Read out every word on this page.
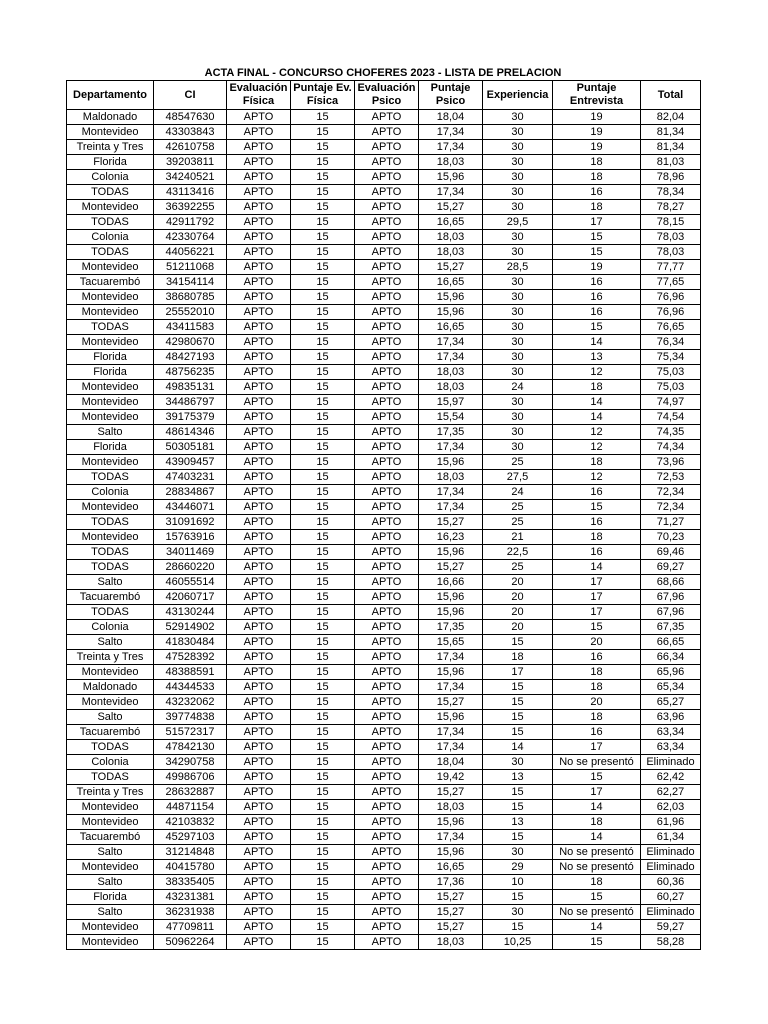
ACTA FINAL - CONCURSO CHOFERES 2023 - LISTA DE PRELACION
Departamento	CI	Evaluación Física	Puntaje Ev. Física	Evaluación Psico	Puntaje Psico	Experiencia	Puntaje Entrevista	Total
Maldonado	48547630	APTO	15	APTO	18,04	30	19	82,04
Montevideo	43303843	APTO	15	APTO	17,34	30	19	81,34
Treinta y Tres	42610758	APTO	15	APTO	17,34	30	19	81,34
Florida	39203811	APTO	15	APTO	18,03	30	18	81,03
Colonia	34240521	APTO	15	APTO	15,96	30	18	78,96
TODAS	43113416	APTO	15	APTO	17,34	30	16	78,34
Montevideo	36392255	APTO	15	APTO	15,27	30	18	78,27
TODAS	42911792	APTO	15	APTO	16,65	29,5	17	78,15
Colonia	42330764	APTO	15	APTO	18,03	30	15	78,03
TODAS	44056221	APTO	15	APTO	18,03	30	15	78,03
Montevideo	51211068	APTO	15	APTO	15,27	28,5	19	77,77
Tacuarembó	34154114	APTO	15	APTO	16,65	30	16	77,65
Montevideo	38680785	APTO	15	APTO	15,96	30	16	76,96
Montevideo	25552010	APTO	15	APTO	15,96	30	16	76,96
TODAS	43411583	APTO	15	APTO	16,65	30	15	76,65
Montevideo	42980670	APTO	15	APTO	17,34	30	14	76,34
Florida	48427193	APTO	15	APTO	17,34	30	13	75,34
Florida	48756235	APTO	15	APTO	18,03	30	12	75,03
Montevideo	49835131	APTO	15	APTO	18,03	24	18	75,03
Montevideo	34486797	APTO	15	APTO	15,97	30	14	74,97
Montevideo	39175379	APTO	15	APTO	15,54	30	14	74,54
Salto	48614346	APTO	15	APTO	17,35	30	12	74,35
Florida	50305181	APTO	15	APTO	17,34	30	12	74,34
Montevideo	43909457	APTO	15	APTO	15,96	25	18	73,96
TODAS	47403231	APTO	15	APTO	18,03	27,5	12	72,53
Colonia	28834867	APTO	15	APTO	17,34	24	16	72,34
Montevideo	43446071	APTO	15	APTO	17,34	25	15	72,34
TODAS	31091692	APTO	15	APTO	15,27	25	16	71,27
Montevideo	15763916	APTO	15	APTO	16,23	21	18	70,23
TODAS	34011469	APTO	15	APTO	15,96	22,5	16	69,46
TODAS	28660220	APTO	15	APTO	15,27	25	14	69,27
Salto	46055514	APTO	15	APTO	16,66	20	17	68,66
Tacuarembó	42060717	APTO	15	APTO	15,96	20	17	67,96
TODAS	43130244	APTO	15	APTO	15,96	20	17	67,96
Colonia	52914902	APTO	15	APTO	17,35	20	15	67,35
Salto	41830484	APTO	15	APTO	15,65	15	20	66,65
Treinta y Tres	47528392	APTO	15	APTO	17,34	18	16	66,34
Montevideo	48388591	APTO	15	APTO	15,96	17	18	65,96
Maldonado	44344533	APTO	15	APTO	17,34	15	18	65,34
Montevideo	43232062	APTO	15	APTO	15,27	15	20	65,27
Salto	39774838	APTO	15	APTO	15,96	15	18	63,96
Tacuarembó	51572317	APTO	15	APTO	17,34	15	16	63,34
TODAS	47842130	APTO	15	APTO	17,34	14	17	63,34
Colonia	34290758	APTO	15	APTO	18,04	30	No se presentó	Eliminado
TODAS	49986706	APTO	15	APTO	19,42	13	15	62,42
Treinta y Tres	28632887	APTO	15	APTO	15,27	15	17	62,27
Montevideo	44871154	APTO	15	APTO	18,03	15	14	62,03
Montevideo	42103832	APTO	15	APTO	15,96	13	18	61,96
Tacuarembó	45297103	APTO	15	APTO	17,34	15	14	61,34
Salto	31214848	APTO	15	APTO	15,96	30	No se presentó	Eliminado
Montevideo	40415780	APTO	15	APTO	16,65	29	No se presentó	Eliminado
Salto	38335405	APTO	15	APTO	17,36	10	18	60,36
Florida	43231381	APTO	15	APTO	15,27	15	15	60,27
Salto	36231938	APTO	15	APTO	15,27	30	No se presentó	Eliminado
Montevideo	47709811	APTO	15	APTO	15,27	15	14	59,27
Montevideo	50962264	APTO	15	APTO	18,03	10,25	15	58,28
